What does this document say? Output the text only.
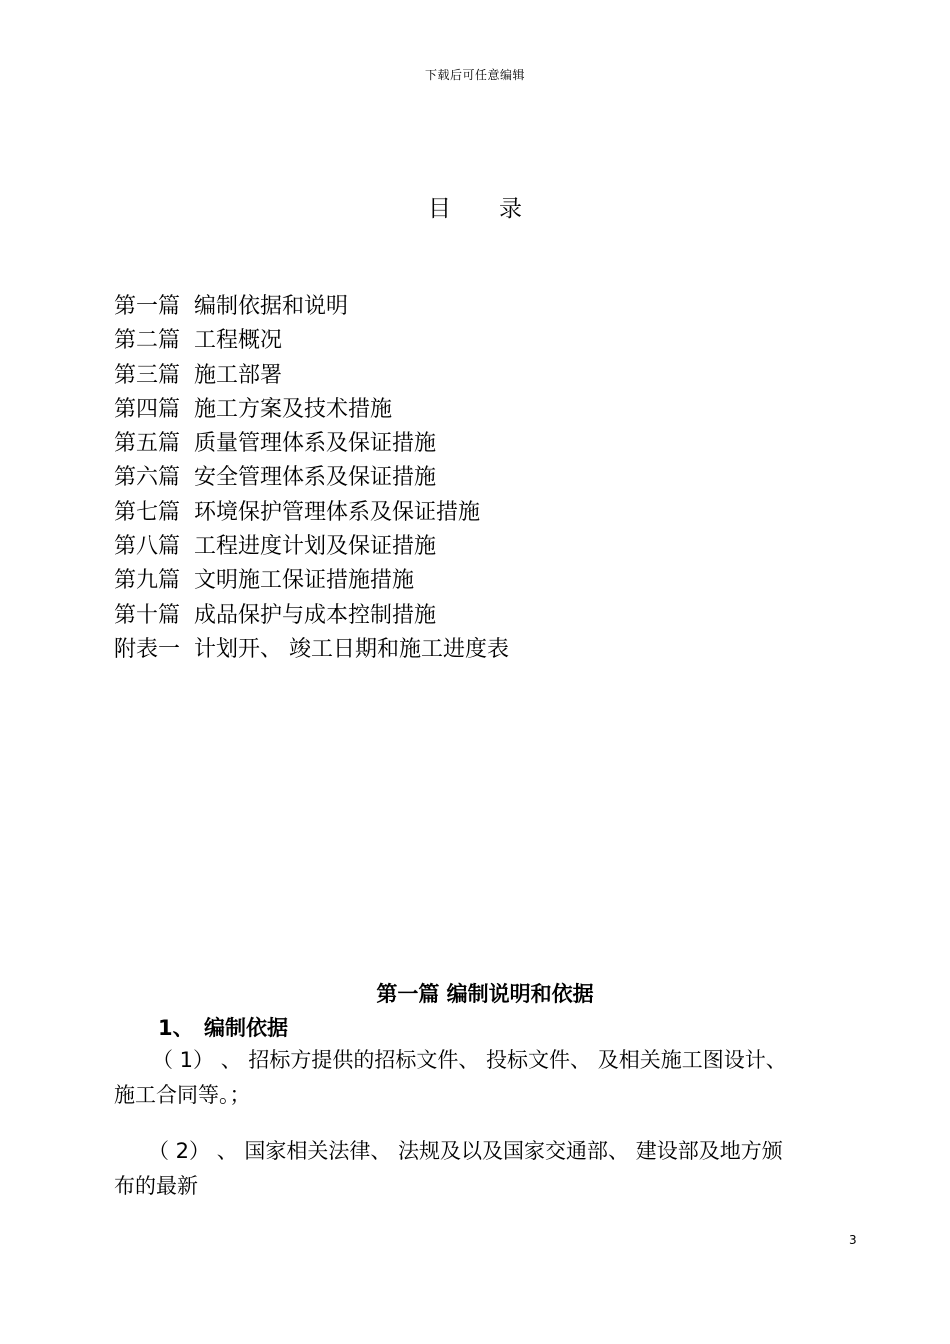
下载后可任意编辑
目 录
第一篇 编制依据和说明
第二篇 工程概况
第三篇 施工部署
第四篇 施工方案及技术措施
第五篇 质量管理体系及保证措施
第六篇 安全管理体系及保证措施
第七篇 环境保护管理体系及保证措施
第八篇 工程进度计划及保证措施
第九篇 文明施工保证措施措施
第十篇 成品保护与成本控制措施
附表一 计划开、 竣工日期和施工进度表
第一篇 编制说明和依据
1、 编制依据

（ 1） 、 招标方提供的招标文件、 投标文件、 及相关施工图设计、
施工合同等。；

（ 2） 、 国家相关法律、 法规及以及国家交通部、 建设部及地方颁
布的最新

3
